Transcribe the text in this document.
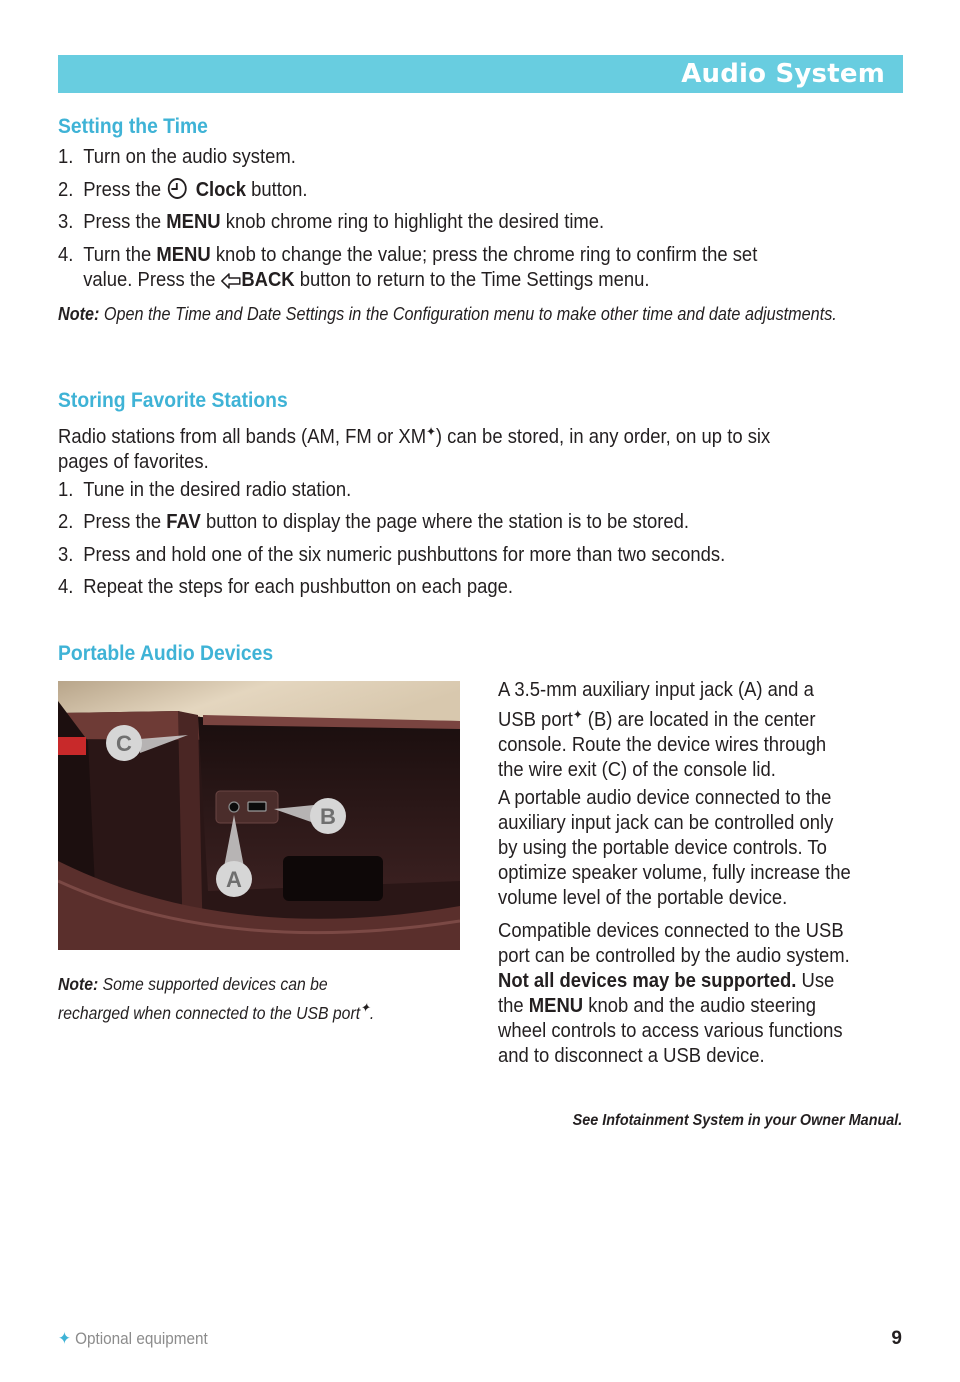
Audio System
Setting the Time
1. Turn on the audio system.
2. Press the Clock button.
3. Press the MENU knob chrome ring to highlight the desired time.
4. Turn the MENU knob to change the value; press the chrome ring to confirm the set
value. Press the BACK button to return to the Time Settings menu.
Note: Open the Time and Date Settings in the Configuration menu to make other time and date adjustments.
Storing Favorite Stations
Radio stations from all bands (AM, FM or XM✦) can be stored, in any order, on up to six
pages of favorites.
1. Tune in the desired radio station.
2. Press the FAV button to display the page where the station is to be stored.
3. Press and hold one of the six numeric pushbuttons for more than two seconds.
4. Repeat the steps for each pushbutton on each page.
Portable Audio Devices
C
B
A
Note: Some supported devices can be
recharged when connected to the USB port✦.

A 3.5-mm auxiliary input jack (A) and a

USB port✦ (B) are located in the center

console. Route the device wires through

the wire exit (C) of the console lid.

A portable audio device connected to the

auxiliary input jack can be controlled only

by using the portable device controls. To

optimize speaker volume, fully increase the

volume level of the portable device.

Compatible devices connected to the USB

port can be controlled by the audio system.

Not all devices may be supported. Use

the MENU knob and the audio steering

wheel controls to access various functions

and to disconnect a USB device.

See Infotainment System in your Owner Manual.
✦ Optional equipment	9
